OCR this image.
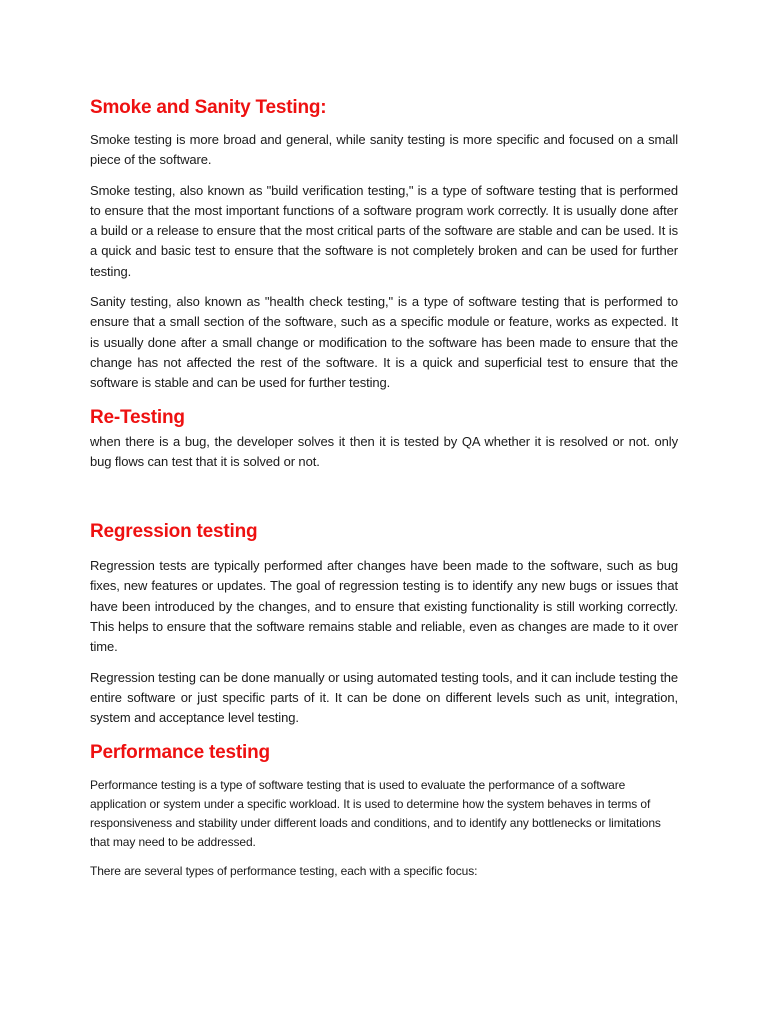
Smoke and Sanity Testing:

Smoke testing is more broad and general, while sanity testing is more specific and focused on a small piece of the software.

Smoke testing, also known as "build verification testing," is a type of software testing that is performed to ensure that the most important functions of a software program work correctly. It is usually done after a build or a release to ensure that the most critical parts of the software are stable and can be used. It is a quick and basic test to ensure that the software is not completely broken and can be used for further testing.

Sanity testing, also known as "health check testing," is a type of software testing that is performed to ensure that a small section of the software, such as a specific module or feature, works as expected. It is usually done after a small change or modification to the software has been made to ensure that the change has not affected the rest of the software. It is a quick and superficial test to ensure that the software is stable and can be used for further testing.

Re-Testing

when there is a bug, the developer solves it then it is tested by QA whether it is resolved or not. only bug flows can test that it is solved or not.

Regression testing

Regression tests are typically performed after changes have been made to the software, such as bug fixes, new features or updates. The goal of regression testing is to identify any new bugs or issues that have been introduced by the changes, and to ensure that existing functionality is still working correctly. This helps to ensure that the software remains stable and reliable, even as changes are made to it over time.

Regression testing can be done manually or using automated testing tools, and it can include testing the entire software or just specific parts of it. It can be done on different levels such as unit, integration, system and acceptance level testing.

Performance testing

Performance testing is a type of software testing that is used to evaluate the performance of a software application or system under a specific workload. It is used to determine how the system behaves in terms of responsiveness and stability under different loads and conditions, and to identify any bottlenecks or limitations that may need to be addressed.

There are several types of performance testing, each with a specific focus:
